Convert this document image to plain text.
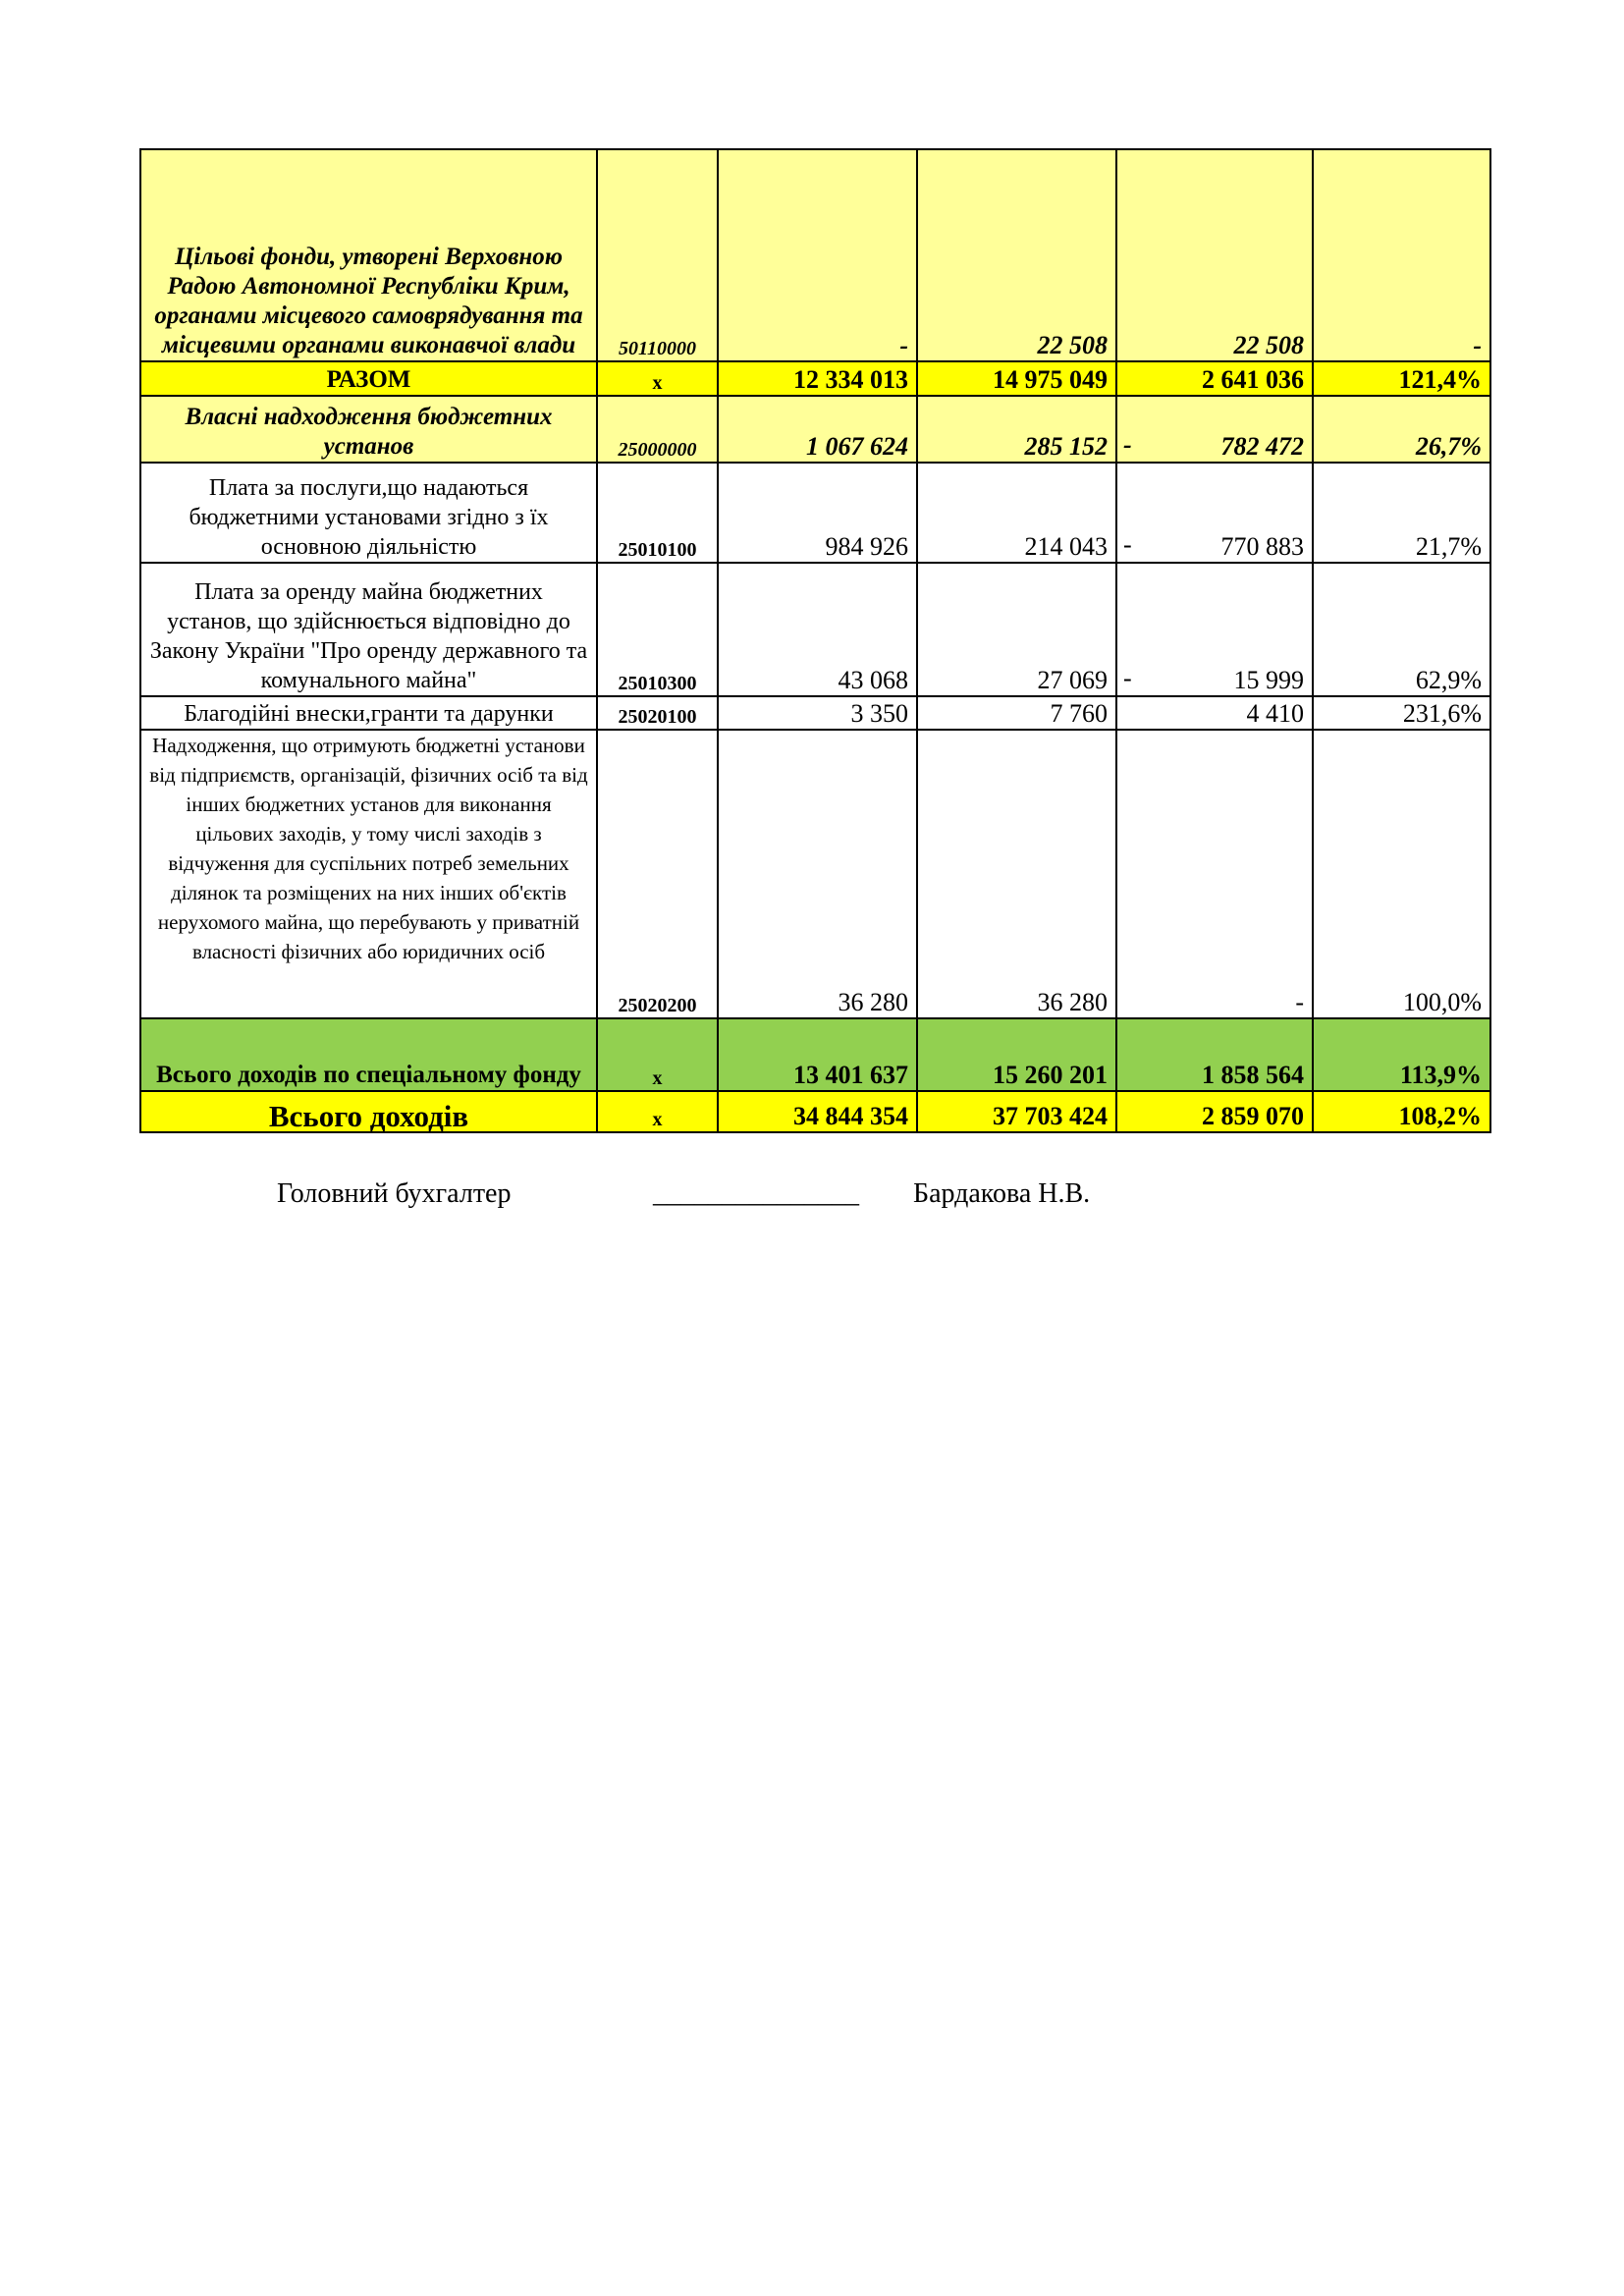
Цільові фонди, утворені Верховною Радою Автономної Республіки Крим, органами місцевого самоврядування та місцевими органами виконавчої влади	50110000	-	22 508	22 508	-
РАЗОМ	х	12 334 013	14 975 049	2 641 036	121,4%
Власні надходження бюджетних установ	25000000	1 067 624	285 152	- 782 472	26,7%
Плата за послуги,що надаються бюджетними установами згідно з їх основною діяльністю	25010100	984 926	214 043	- 770 883	21,7%
Плата за оренду майна бюджетних установ, що здійснюється відповідно до Закону України "Про оренду державного та комунального майна"	25010300	43 068	27 069	- 15 999	62,9%
Благодійні внески,гранти та дарунки	25020100	3 350	7 760	4 410	231,6%
Надходження, що отримують бюджетні установи від підприємств, організацій, фізичних осіб та від інших бюджетних установ для виконання цільових заходів, у тому числі заходів з відчуження для суспільних потреб земельних ділянок та розміщених на них інших об'єктів нерухомого майна, що перебувають у приватній власності фізичних або юридичних осіб	25020200	36 280	36 280	-	100,0%
Всього доходів по спеціальному фонду	х	13 401 637	15 260 201	1 858 564	113,9%
Всього доходів	х	34 844 354	37 703 424	2 859 070	108,2%
Головний бухгалтер	_______________ Бардакова Н.В.
